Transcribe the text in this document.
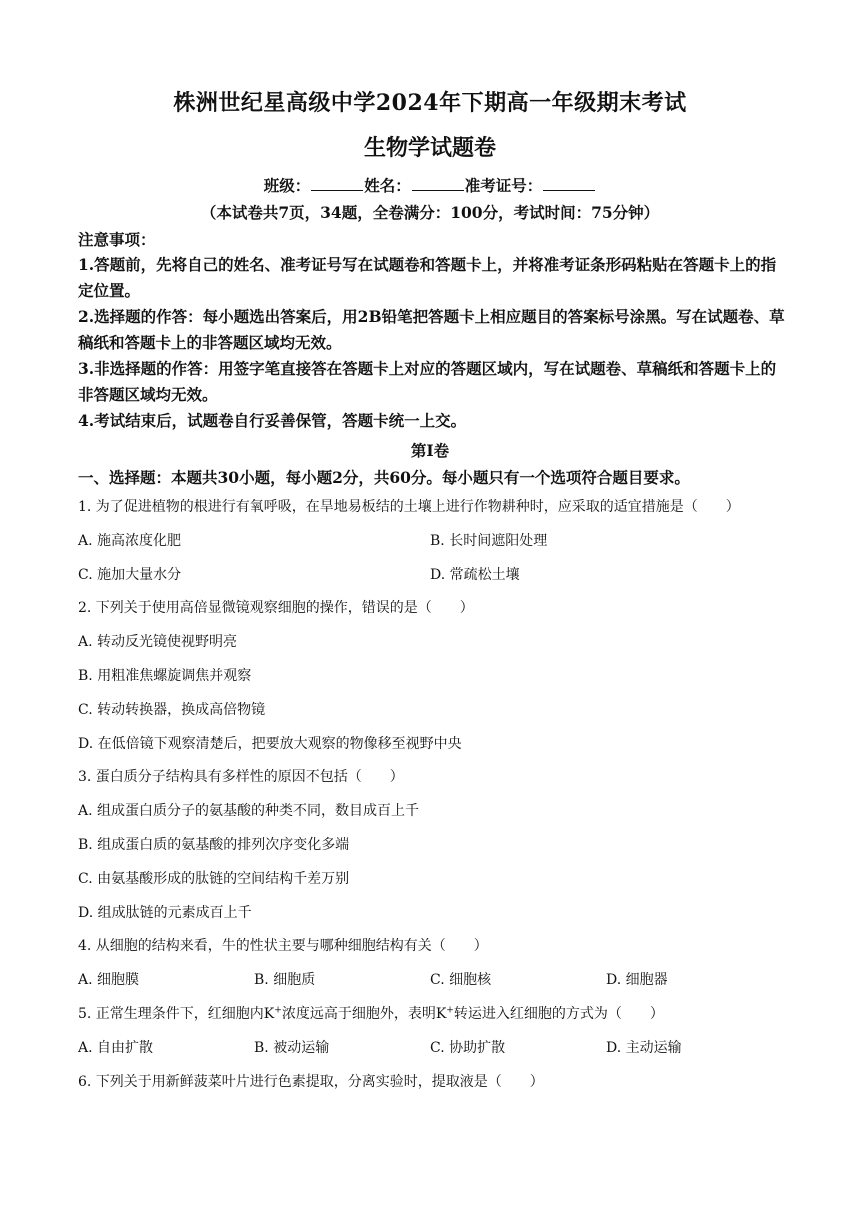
株洲世纪星高级中学2024年下期高一年级期末考试
生物学试题卷
班级：	姓名：	准考证号：
（本试卷共7页，34题，全卷满分：100分，考试时间：75分钟）
注意事项：
1.答题前，先将自己的姓名、准考证号写在试题卷和答题卡上，并将准考证条形码粘贴在答题卡上的指定位置。
2.选择题的作答：每小题选出答案后，用2B铅笔把答题卡上相应题目的答案标号涂黑。写在试题卷、草稿纸和答题卡上的非答题区域均无效。
3.非选择题的作答：用签字笔直接答在答题卡上对应的答题区域内，写在试题卷、草稿纸和答题卡上的非答题区域均无效。
4.考试结束后，试题卷自行妥善保管，答题卡统一上交。
第Ⅰ卷
一、选择题：本题共30小题，每小题2分，共60分。每小题只有一个选项符合题目要求。
1. 为了促进植物的根进行有氧呼吸，在旱地易板结的土壤上进行作物耕种时，应采取的适宜措施是（　　）
A. 施高浓度化肥	B. 长时间遮阳处理
C. 施加大量水分	D. 常疏松土壤
2. 下列关于使用高倍显微镜观察细胞的操作，错误的是（　　）
A. 转动反光镜使视野明亮
B. 用粗准焦螺旋调焦并观察
C. 转动转换器，换成高倍物镜
D. 在低倍镜下观察清楚后，把要放大观察的物像移至视野中央
3. 蛋白质分子结构具有多样性的原因不包括（　　）
A. 组成蛋白质分子的氨基酸的种类不同，数目成百上千
B. 组成蛋白质的氨基酸的排列次序变化多端
C. 由氨基酸形成的肽链的空间结构千差万别
D. 组成肽链的元素成百上千
4. 从细胞的结构来看，牛的性状主要与哪种细胞结构有关（　　）
A. 细胞膜	B. 细胞质	C. 细胞核	D. 细胞器
5. 正常生理条件下，红细胞内K+浓度远高于细胞外，表明K+转运进入红细胞的方式为（　　）
A. 自由扩散	B. 被动运输	C. 协助扩散	D. 主动运输
6. 下列关于用新鲜菠菜叶片进行色素提取，分离实验时，提取液是（　　）
